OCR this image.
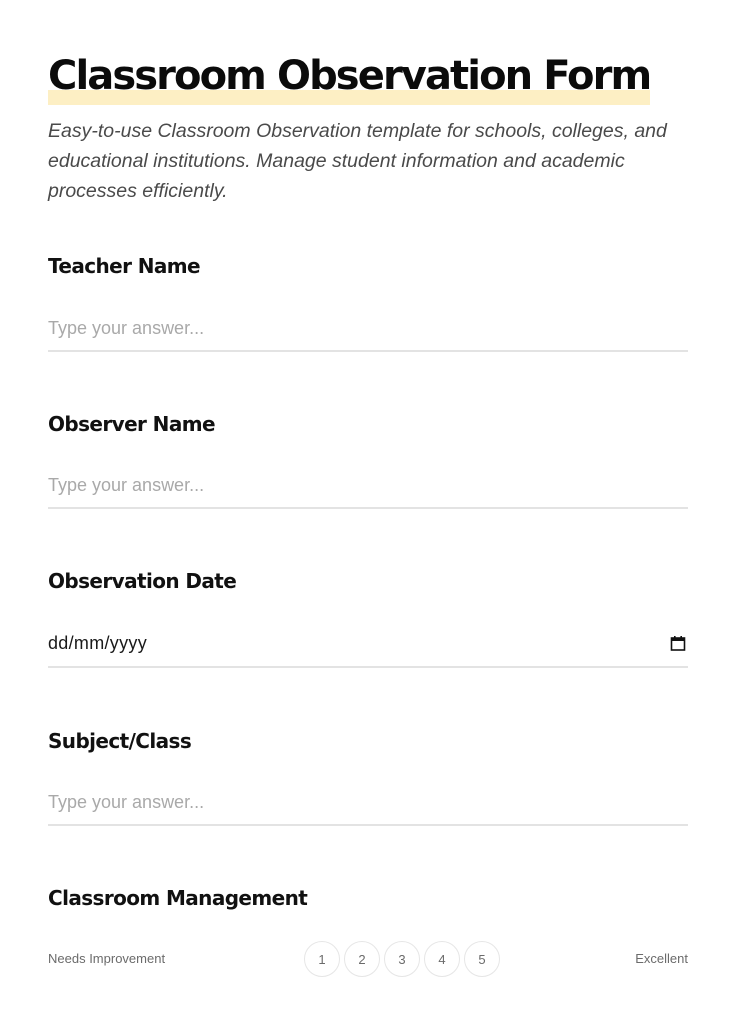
Classroom Observation Form

Easy-to-use Classroom Observation template for schools, colleges, and educational institutions. Manage student information and academic processes efficiently.

Teacher Name
Type your answer...
Observer Name
Type your answer...
Observation Date
dd/mm/yyyy
Subject/Class
Type your answer...
Classroom Management
Needs Improvement	1	2	3	4	5	Excellent
